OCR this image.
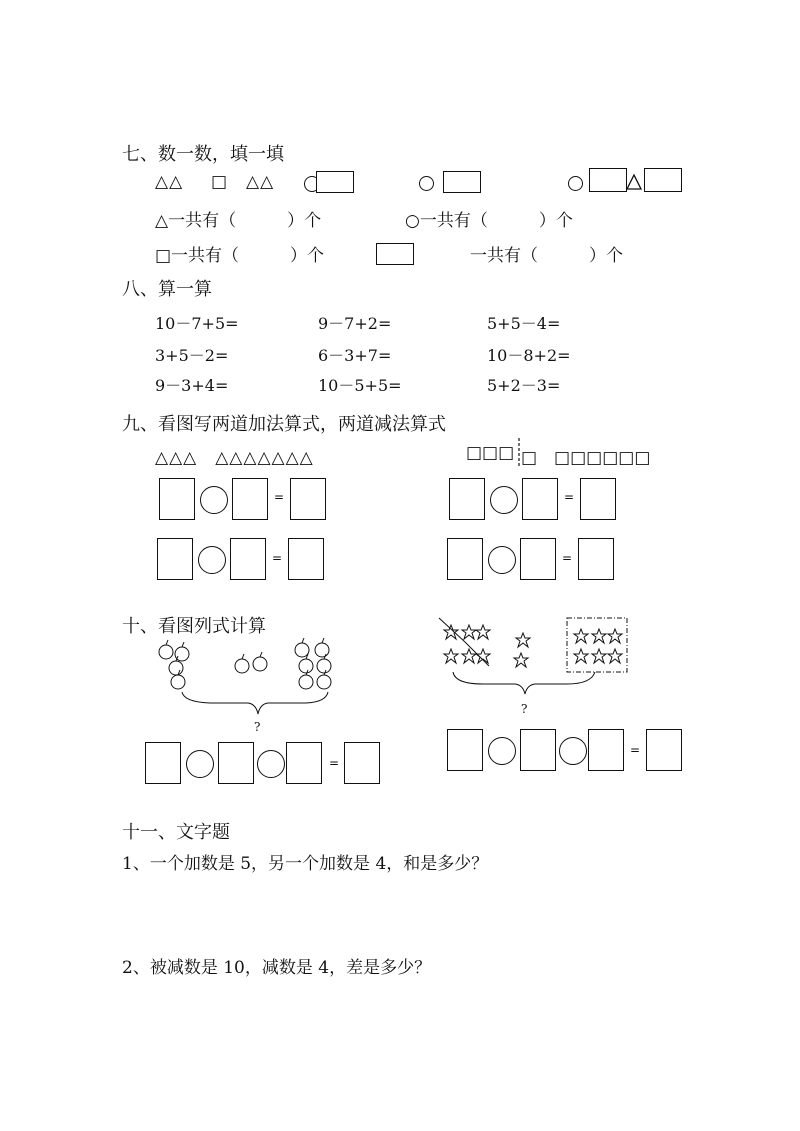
七、数一数，填一填
△△ □ △△
△一共有（　　　）个	○一共有（　　　）个
□一共有（　　　）个	一共有（　　　）个
八、算一算
10－7+5=	9－7+2=	5+5－4=
3+5－2=	6－3+7=	10－8+2=
9－3+4=	10－5+5=	5+2－3=
九、看图写两道加法算式，两道减法算式
△△△　△△△△△△△	□□□ □　□□□□□□
=
=
=
=
十、看图列式计算
?
?
=
=
十一、文字题
1、一个加数是 5，另一个加数是 4，和是多少？
2、被减数是 10，减数是 4，差是多少？
